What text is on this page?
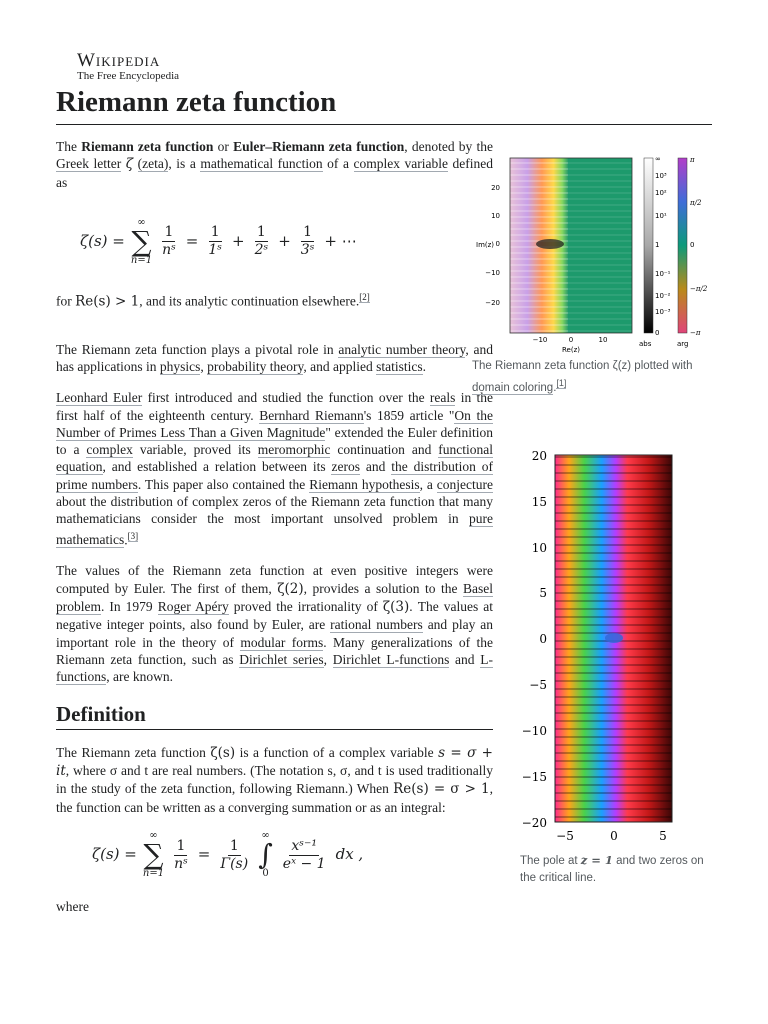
Wikipedia
The Free Encyclopedia
Riemann zeta function

The Riemann zeta function or Euler–Riemann zeta function, denoted by the Greek letter ζ (zeta), is a mathematical function of a complex variable defined as

ζ(s) =
∞
∑
n=1
$\frac{1}{\text{nˢ}} = \frac{1}{\text{1ˢ}} + \frac{1}{\text{2ˢ}} + \frac{1}{\text{3ˢ}}$ + ⋯

for Re(s) > 1, and its analytic continuation elsewhere.[2]

The Riemann zeta function plays a pivotal role in analytic number theory, and has applications in physics, probability theory, and applied statistics.

Leonhard Euler first introduced and studied the function over the reals in the first half of the eighteenth century. Bernhard Riemann's 1859 article "On the Number of Primes Less Than a Given Magnitude" extended the Euler definition to a complex variable, proved its meromorphic continuation and functional equation, and established a relation between its zeros and the distribution of prime numbers. This paper also contained the Riemann hypothesis, a conjecture about the distribution of complex zeros of the Riemann zeta function that many mathematicians consider the most important unsolved problem in pure mathematics.[3]

The values of the Riemann zeta function at even positive integers were computed by Euler. The first of them, ζ(2), provides a solution to the Basel problem. In 1979 Roger Apéry proved the irrationality of ζ(3). The values at negative integer points, also found by Euler, are rational numbers and play an important role in the theory of modular forms. Many generalizations of the Riemann zeta function, such as Dirichlet series, Dirichlet L-functions and L-functions, are known.

Definition

The Riemann zeta function ζ(s) is a function of a complex variable s = σ + it, where σ and t are real numbers. (The notation s, σ, and t is used traditionally in the study of the zeta function, following Riemann.) When Re(s) = σ > 1, the function can be written as a converging summation or as an integral:

ζ(s) =
∞
∑
n=1
$\frac{1}{\text{nˢ}} = \frac{1}{\Gamma(s)}$
∞
∫
0
$\frac{\text{xˢ⁻¹}}{\text{eˣ − 1}}$ dx ,

where

Im(z)
20
10
0
−10
−20
−10	0	10
Re(z)
∞
10³
10²
10¹
1
10⁻¹
10⁻²
10⁻³
0
abs
π
π/2
0
−π/2
−π
arg
The Riemann zeta function ζ(z) plotted with domain coloring.[1]
20
15
10
5
0
−5
−10
−15
−20
−5	0	5
The pole at z = 1 and two zeros on the critical line.
